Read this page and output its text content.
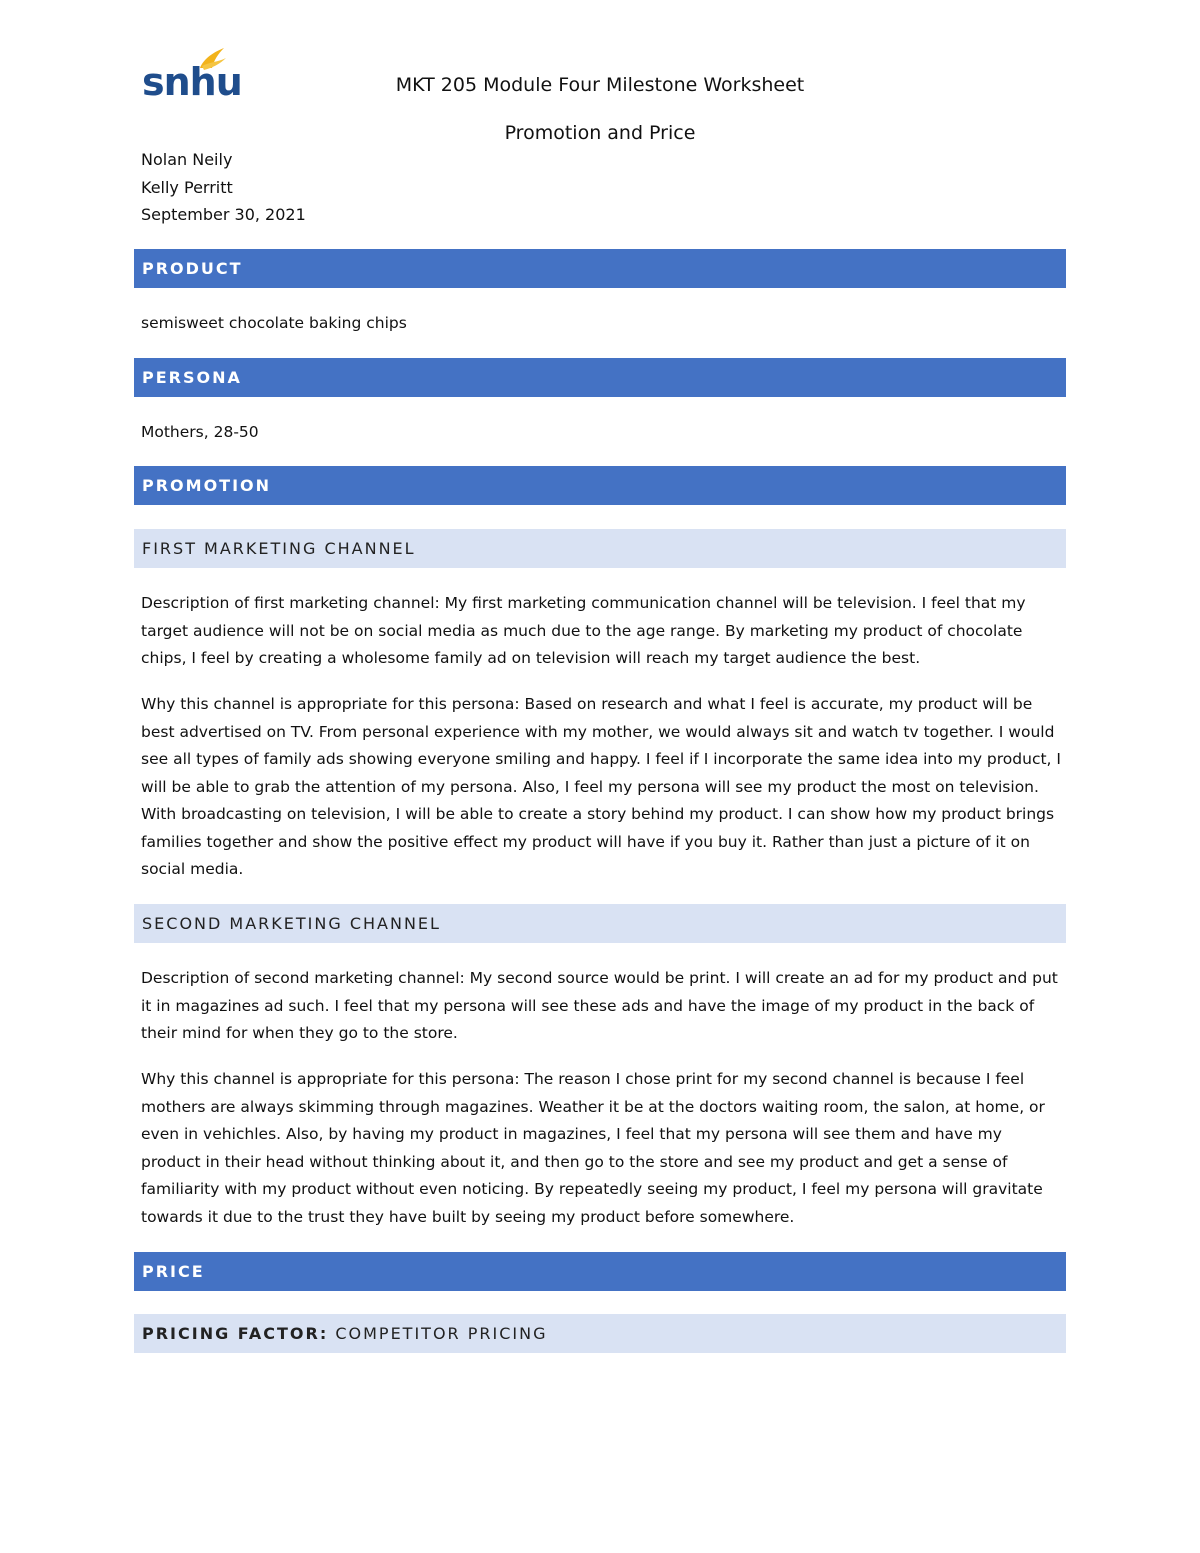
snhu	MKT 205 Module Four Milestone Worksheet
Promotion and Price
Nolan Neily
Kelly Perritt
September 30, 2021
PRODUCT

semisweet chocolate baking chips

PERSONA

Mothers, 28-50

PROMOTION
FIRST MARKETING CHANNEL

Description of first marketing channel: My first marketing communication channel will be television. I feel that my target audience will not be on social media as much due to the age range. By marketing my product of chocolate chips, I feel by creating a wholesome family ad on television will reach my target audience the best.

Why this channel is appropriate for this persona: Based on research and what I feel is accurate, my product will be best advertised on TV. From personal experience with my mother, we would always sit and watch tv together. I would see all types of family ads showing everyone smiling and happy. I feel if I incorporate the same idea into my product, I will be able to grab the attention of my persona. Also, I feel my persona will see my product the most on television. With broadcasting on television, I will be able to create a story behind my product. I can show how my product brings families together and show the positive effect my product will have if you buy it. Rather than just a picture of it on social media.

SECOND MARKETING CHANNEL

Description of second marketing channel: My second source would be print. I will create an ad for my product and put it in magazines ad such. I feel that my persona will see these ads and have the image of my product in the back of their mind for when they go to the store.

Why this channel is appropriate for this persona: The reason I chose print for my second channel is because I feel mothers are always skimming through magazines. Weather it be at the doctors waiting room, the salon, at home, or even in vehichles. Also, by having my product in magazines, I feel that my persona will see them and have my product in their head without thinking about it, and then go to the store and see my product and get a sense of familiarity with my product without even noticing. By repeatedly seeing my product, I feel my persona will gravitate towards it due to the trust they have built by seeing my product before somewhere.

PRICE
PRICING FACTOR:
COMPETITOR PRICING
